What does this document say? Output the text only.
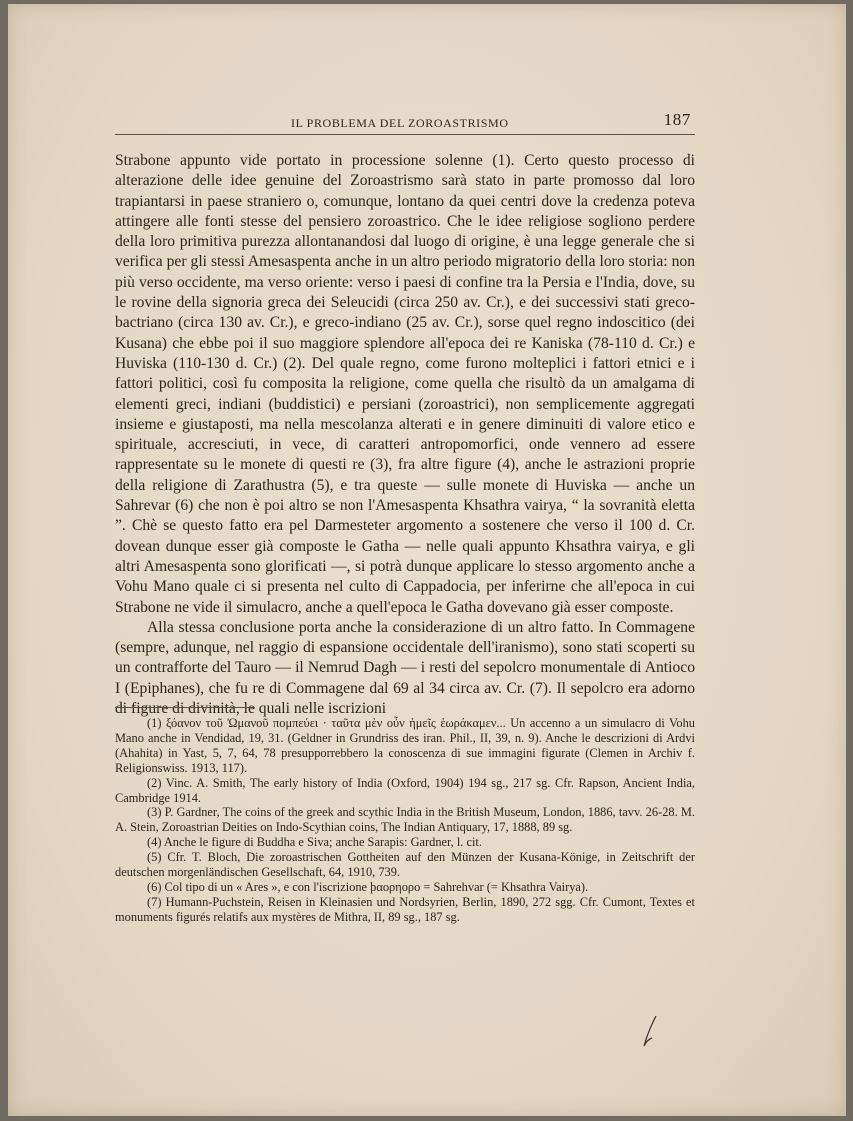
IL PROBLEMA DEL ZOROASTRISMO	187

Strabone appunto vide portato in processione solenne (1). Certo questo processo di alterazione delle idee genuine del Zoroastrismo sarà stato in parte promosso dal loro trapiantarsi in paese straniero o, comunque, lontano da quei centri dove la credenza poteva attingere alle fonti stesse del pensiero zoroastrico. Che le idee religiose sogliono perdere della loro primitiva purezza allontanandosi dal luogo di origine, è una legge generale che si verifica per gli stessi Amesaspenta anche in un altro periodo migratorio della loro storia: non più verso occidente, ma verso oriente: verso i paesi di confine tra la Persia e l'India, dove, su le rovine della signoria greca dei Seleucidi (circa 250 av. Cr.), e dei successivi stati greco-bactriano (circa 130 av. Cr.), e greco-indiano (25 av. Cr.), sorse quel regno indoscitico (dei Kusana) che ebbe poi il suo maggiore splendore all'epoca dei re Kaniska (78-110 d. Cr.) e Huviska (110-130 d. Cr.) (2). Del quale regno, come furono molteplici i fattori etnici e i fattori politici, così fu composita la religione, come quella che risultò da un amalgama di elementi greci, indiani (buddistici) e persiani (zoroastrici), non semplicemente aggregati insieme e giustaposti, ma nella mescolanza alterati e in genere diminuiti di valore etico e spirituale, accresciuti, in vece, di caratteri antropomorfici, onde vennero ad essere rappresentate su le monete di questi re (3), fra altre figure (4), anche le astrazioni proprie della religione di Zarathustra (5), e tra queste — sulle monete di Huviska — anche un Sahrevar (6) che non è poi altro se non l'Amesaspenta Khsathra vairya, “ la sovranità eletta ”. Chè se questo fatto era pel Darmesteter argomento a sostenere che verso il 100 d. Cr. dovean dunque esser già composte le Gatha — nelle quali appunto Khsathra vairya, e gli altri Amesaspenta sono glorificati —, si potrà dunque applicare lo stesso argomento anche a Vohu Mano quale ci si presenta nel culto di Cappadocia, per inferirne che all'epoca in cui Strabone ne vide il simulacro, anche a quell'epoca le Gatha dovevano già esser composte.

Alla stessa conclusione porta anche la considerazione di un altro fatto. In Commagene (sempre, adunque, nel raggio di espansione occidentale dell'iranismo), sono stati scoperti su un contrafforte del Tauro — il Nemrud Dagh — i resti del sepolcro monumentale di Antioco I (Epiphanes), che fu re di Commagene dal 69 al 34 circa av. Cr. (7). Il sepolcro era adorno di figure di divinità, le quali nelle iscrizioni

(1) ξόανον τοῦ Ὠμανοῦ πομπεύει · ταῦτα μὲν οὖν ἡμεῖς ἑωράκαμεν... Un accenno a un simulacro di Vohu Mano anche in Vendidad, 19, 31. (Geldner in Grundriss des iran. Phil., II, 39, n. 9). Anche le descrizioni di Ardvi (Ahahita) in Yast, 5, 7, 64, 78 presupporrebbero la conoscenza di sue immagini figurate (Clemen in Archiv f. Religionswiss. 1913, 117).

(2) Vinc. A. Smith, The early history of India (Oxford, 1904) 194 sg., 217 sg. Cfr. Rapson, Ancient India, Cambridge 1914.

(3) P. Gardner, The coins of the greek and scythic India in the British Museum, London, 1886, tavv. 26-28. M. A. Stein, Zoroastrian Deities on Indo-Scythian coins, The Indian Antiquary, 17, 1888, 89 sg.

(4) Anche le figure di Buddha e Siva; anche Sarapis: Gardner, l. cit.

(5) Cfr. T. Bloch, Die zoroastrischen Gottheiten auf den Münzen der Kusana-Könige, in Zeitschrift der deutschen morgenländischen Gesellschaft, 64, 1910, 739.

(6) Col tipo di un « Ares », e con l'iscrizione ϸαορηορο = Sahrehvar (= Khsathra Vairya).

(7) Humann-Puchstein, Reisen in Kleinasien und Nordsyrien, Berlin, 1890, 272 sgg. Cfr. Cumont, Textes et monuments figurés relatifs aux mystères de Mithra, II, 89 sg., 187 sg.
